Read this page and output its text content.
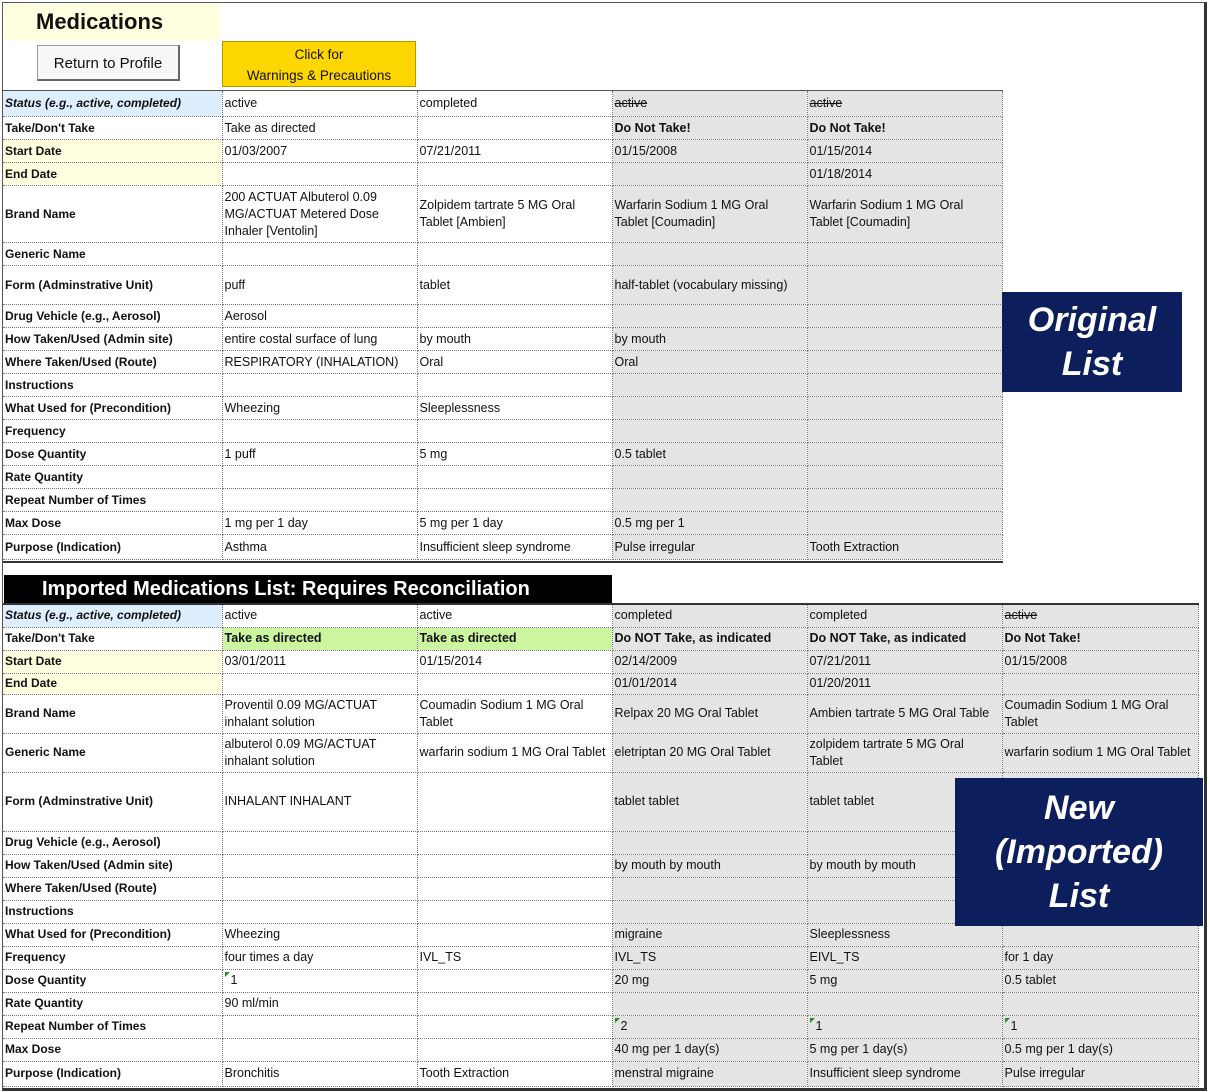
Medications
Return to Profile
Click for
Warnings & Precautions
Status (e.g., active, completed)	active	completed	active	active
Take/Don't Take	Take as directed		Do Not Take!	Do Not Take!
Start Date	01/03/2007	07/21/2011	01/15/2008	01/15/2014
End Date				01/18/2014
Brand Name	200 ACTUAT Albuterol 0.09 MG/ACTUAT Metered Dose Inhaler [Ventolin]	Zolpidem tartrate 5 MG Oral Tablet [Ambien]	Warfarin Sodium 1 MG Oral Tablet [Coumadin]	Warfarin Sodium 1 MG Oral Tablet [Coumadin]
Generic Name				
Form (Adminstrative Unit)	puff	tablet	half-tablet (vocabulary missing)	
Drug Vehicle (e.g., Aerosol)	Aerosol			
How Taken/Used (Admin site)	entire costal surface of lung	by mouth	by mouth	
Where Taken/Used (Route)	RESPIRATORY (INHALATION)	Oral	Oral	
Instructions				
What Used for (Precondition)	Wheezing	Sleeplessness		
Frequency				
Dose Quantity	1 puff	5 mg	0.5 tablet	
Rate Quantity				
Repeat Number of Times				
Max Dose	1 mg per 1 day	5 mg per 1 day	0.5 mg per 1	
Purpose (Indication)	Asthma	Insufficient sleep syndrome	Pulse irregular	Tooth Extraction
Imported Medications List: Requires Reconciliation
Status (e.g., active, completed)	active	active	completed	completed	active
Take/Don't Take	Take as directed	Take as directed	Do NOT Take, as indicated	Do NOT Take, as indicated	Do Not Take!
Start Date	03/01/2011	01/15/2014	02/14/2009	07/21/2011	01/15/2008
End Date			01/01/2014	01/20/2011	
Brand Name	Proventil 0.09 MG/ACTUAT inhalant solution	Coumadin Sodium 1 MG Oral Tablet	Relpax 20 MG Oral Tablet	Ambien tartrate 5 MG Oral Table	Coumadin Sodium 1 MG Oral Tablet
Generic Name	albuterol 0.09 MG/ACTUAT inhalant solution	warfarin sodium 1 MG Oral Tablet	eletriptan 20 MG Oral Tablet	zolpidem tartrate 5 MG Oral Tablet	warfarin sodium 1 MG Oral Tablet
Form (Adminstrative Unit)	INHALANT INHALANT		tablet tablet	tablet tablet	
Drug Vehicle (e.g., Aerosol)					
How Taken/Used (Admin site)			by mouth by mouth	by mouth by mouth	
Where Taken/Used (Route)					
Instructions					
What Used for (Precondition)	Wheezing		migraine	Sleeplessness	
Frequency	four times a day	IVL_TS	IVL_TS	EIVL_TS	for 1 day
Dose Quantity	1		20 mg	5 mg	0.5 tablet
Rate Quantity	90 ml/min				
Repeat Number of Times			2	1	1
Max Dose			40 mg per 1 day(s)	5 mg per 1 day(s)	0.5 mg per 1 day(s)
Purpose (Indication)	Bronchitis	Tooth Extraction	menstral migraine	Insufficient sleep syndrome	Pulse irregular
Original
List
New
(Imported)
List
